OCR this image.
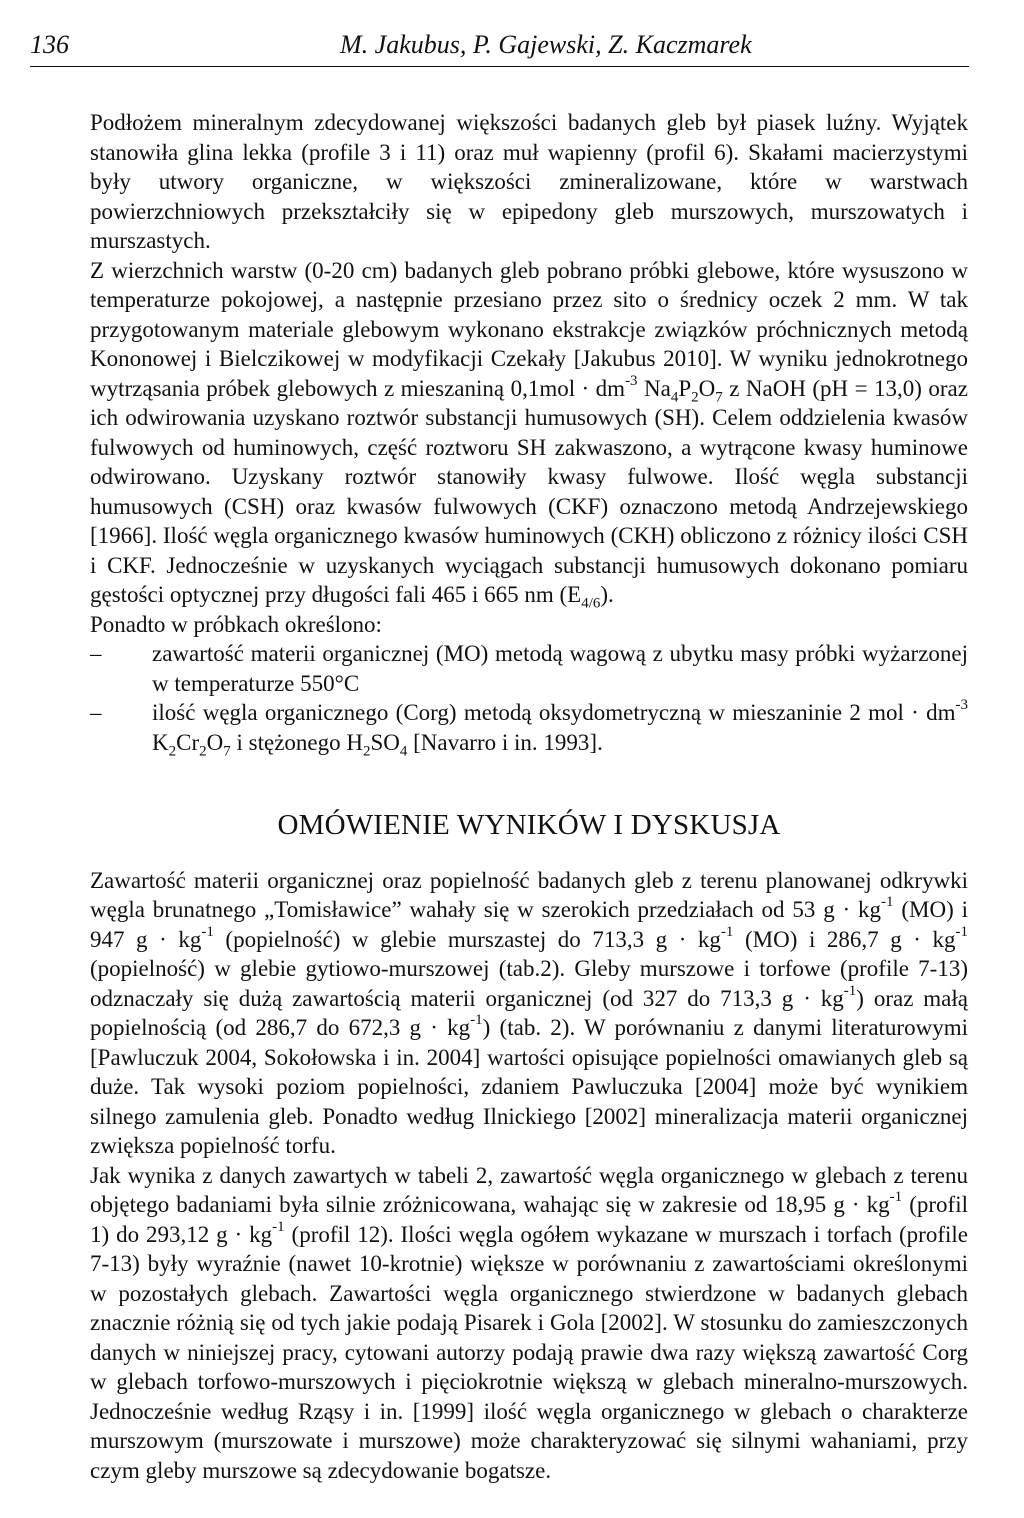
136	M. Jakubus, P. Gajewski, Z. Kaczmarek

Podłożem mineralnym zdecydowanej większości badanych gleb był piasek luźny. Wyjątek stanowiła glina lekka (profile 3 i 11) oraz muł wapienny (profil 6). Skałami macierzystymi były utwory organiczne, w większości zmineralizowane, które w warstwach powierzchniowych przekształciły się w epipedony gleb murszowych, murszowatych i murszastych.

Z wierzchnich warstw (0-20 cm) badanych gleb pobrano próbki glebowe, które wysuszono w temperaturze pokojowej, a następnie przesiano przez sito o średnicy oczek 2 mm. W tak przygotowanym materiale glebowym wykonano ekstrakcje związków próchnicznych metodą Kononowej i Bielczikowej w modyfikacji Czekały [Jakubus 2010]. W wyniku jednokrotnego wytrząsania próbek glebowych z mieszaniną $0,1mol \cdot dm^{-3}$ $Na_4P_2O_7$ z NaOH (pH = 13,0) oraz ich odwirowania uzyskano roztwór substancji humusowych (SH). Celem oddzielenia kwasów fulwowych od huminowych, część roztworu SH zakwaszono, a wytrącone kwasy huminowe odwirowano. Uzyskany roztwór stanowiły kwasy fulwowe. Ilość węgla substancji humusowych (CSH) oraz kwasów fulwowych (CKF) oznaczono metodą Andrzejewskiego [1966]. Ilość węgla organicznego kwasów huminowych (CKH) obliczono z różnicy ilości CSH i CKF. Jednocześnie w uzyskanych wyciągach substancji humusowych dokonano pomiaru gęstości optycznej przy długości fali 465 i 665 nm $(E_{4/6})$.

Ponadto w próbkach określono:

– zawartość materii organicznej (MO) metodą wagową z ubytku masy próbki wyżarzonej w temperaturze 550°C

– ilość węgla organicznego (Corg) metodą oksydometryczną w mieszaninie 2 mol · $dm^{-3}$ $K_2Cr_2O_7$ i stężonego $H_2SO_4$ [Navarro i in. 1993].

OMÓWIENIE WYNIKÓW I DYSKUSJA

Zawartość materii organicznej oraz popielność badanych gleb z terenu planowanej odkrywki węgla brunatnego „Tomisławice” wahały się w szerokich przedziałach od 53 $g \cdot kg^{-1}$ (MO) i 947 $g \cdot kg^{-1}$ (popielność) w glebie murszastej do 713,3 $g \cdot kg^{-1}$ (MO) i 286,7 $g \cdot kg^{-1}$ (popielność) w glebie gytiowo-murszowej (tab.2). Gleby murszowe i torfowe (profile 7-13) odznaczały się dużą zawartością materii organicznej (od 327 do 713,3 $g \cdot kg^{-1}$) oraz małą popielnością (od 286,7 do 672,3 $g \cdot kg^{-1}$) (tab. 2). W porównaniu z danymi literaturowymi [Pawluczuk 2004, Sokołowska i in. 2004] wartości opisujące popielności omawianych gleb są duże. Tak wysoki poziom popielności, zdaniem Pawluczuka [2004] może być wynikiem silnego zamulenia gleb. Ponadto według Ilnickiego [2002] mineralizacja materii organicznej zwiększa popielność torfu.

Jak wynika z danych zawartych w tabeli 2, zawartość węgla organicznego w glebach z terenu objętego badaniami była silnie zróżnicowana, wahając się w zakresie od 18,95 $g \cdot kg^{-1}$ (profil 1) do 293,12 $g \cdot kg^{-1}$ (profil 12). Ilości węgla ogółem wykazane w murszach i torfach (profile 7-13) były wyraźnie (nawet 10-krotnie) większe w porównaniu z zawartościami określonymi w pozostałych glebach. Zawartości węgla organicznego stwierdzone w badanych glebach znacznie różnią się od tych jakie podają Pisarek i Gola [2002]. W stosunku do zamieszczonych danych w niniejszej pracy, cytowani autorzy podają prawie dwa razy większą zawartość Corg w glebach torfowo-murszowych i pięciokrotnie większą w glebach mineralno-murszowych. Jednocześnie według Rząsy i in. [1999] ilość węgla organicznego w glebach o charakterze murszowym (murszowate i murszowe) może charakteryzować się silnymi wahaniami, przy czym gleby murszowe są zdecydowanie bogatsze.
